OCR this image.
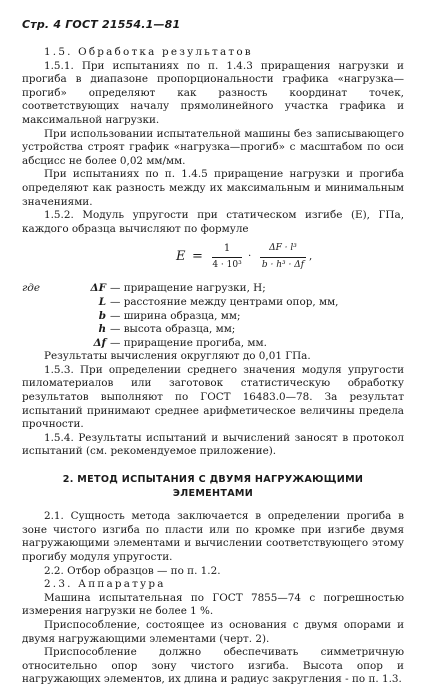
Стр. 4 ГОСТ 21554.1—81

1.5. Обработка результатов

1.5.1. При испытаниях по п. 1.4.3 приращения нагрузки и прогиба в диапазоне пропорциональности графика «нагрузка—прогиб» определяют как разность координат точек, соответствующих началу прямолинейного участка графика и максимальной нагрузки.

При использовании испытательной машины без записывающего устройства строят график «нагрузка—прогиб» с масштабом по оси абсцисс не более 0,02 мм/мм.

При испытаниях по п. 1.4.5 приращение нагрузки и прогиба определяют как разность между их максимальным и минимальным значениями.

1.5.2. Модуль упругости при статическом изгибе (E), ГПа, каждого образца вычисляют по формуле

$E = \frac{1}{\text{4 · 10³}} \cdot \frac{\text{ΔF · l³}}{\text{b · h³ · Δf}}$ ,
где	ΔF — приращение нагрузки, Н;
L — расстояние между центрами опор, мм,
b — ширина образца, мм;
h — высота образца, мм;
Δf — приращение прогиба, мм.

Результаты вычисления округляют до 0,01 ГПа.

1.5.3. При определении среднего значения модуля упругости пиломатериалов или заготовок статистическую обработку результатов выполняют по ГОСТ 16483.0—78. За результат испытаний принимают среднее арифметическое величины предела прочности.

1.5.4. Результаты испытаний и вычислений заносят в протокол испытаний (см. рекомендуемое приложение).

2. МЕТОД ИСПЫТАНИЯ С ДВУМЯ НАГРУЖАЮЩИМИ ЭЛЕМЕНТАМИ

2.1. Сущность метода заключается в определении прогиба в зоне чистого изгиба по пласти или по кромке при изгибе двумя нагружающими элементами и вычислении соответствующего этому прогибу модуля упругости.

2.2. Отбор образцов — по п. 1.2.

2.3. Аппаратура

Машина испытательная по ГОСТ 7855—74 с погрешностью измерения нагрузки не более 1 %.

Приспособление, состоящее из основания с двумя опорами и двумя нагружающими элементами (черт. 2).

Приспособление должно обеспечивать симметричную относительно опор зону чистого изгиба. Высота опор и нагружающих элементов, их длина и радиус закругления - по п. 1.3.
